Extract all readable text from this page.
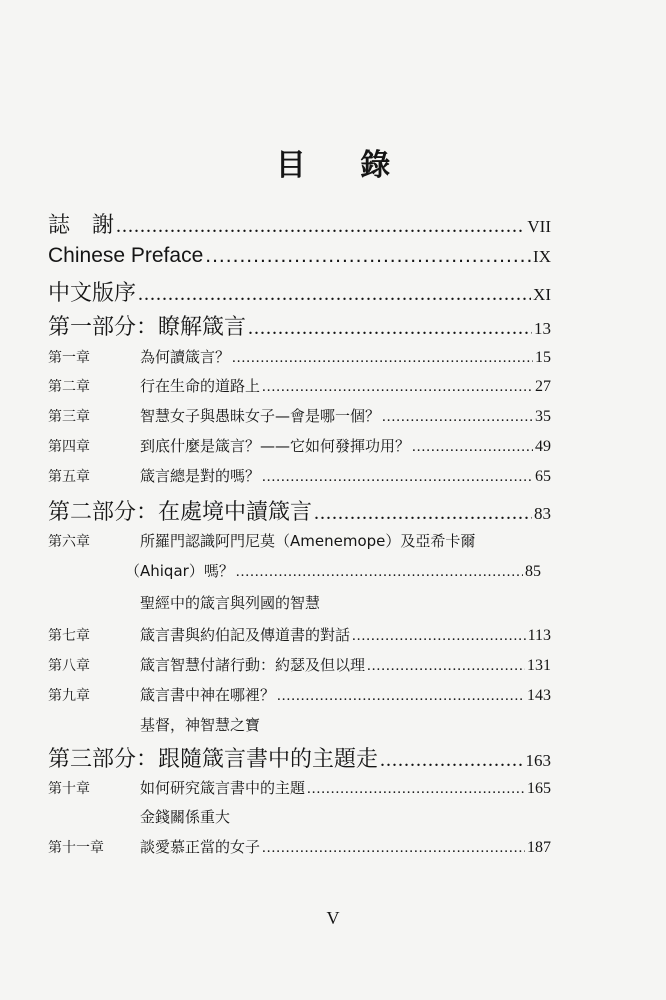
目 錄
誌　謝 .....	VII
Chinese Preface .....	IX
中文版序 .....	XI
第一部分：瞭解箴言 .....	13
第一章	為何讀箴言？ .....	15
第二章	行在生命的道路上 .....	27
第三章	智慧女子與愚昧女子—會是哪一個？ .....	35
第四章	到底什麼是箴言？——它如何發揮功用？ .....	49
第五章	箴言總是對的嗎？ .....	65
第二部分：在處境中讀箴言 .....	83
第六章	所羅門認識阿門尼莫（Amenemope）及亞希卡爾
（Ahiqar）嗎？ .....	85
聖經中的箴言與列國的智慧
第七章	箴言書與約伯記及傳道書的對話 .....	113
第八章	箴言智慧付諸行動：約瑟及但以理 .....	131
第九章	箴言書中神在哪裡？ .....	143
基督，神智慧之寶
第三部分：跟隨箴言書中的主題走 .....	163
第十章	如何研究箴言書中的主題 .....	165
金錢關係重大
第十一章	談愛慕正當的女子 .....	187
V
